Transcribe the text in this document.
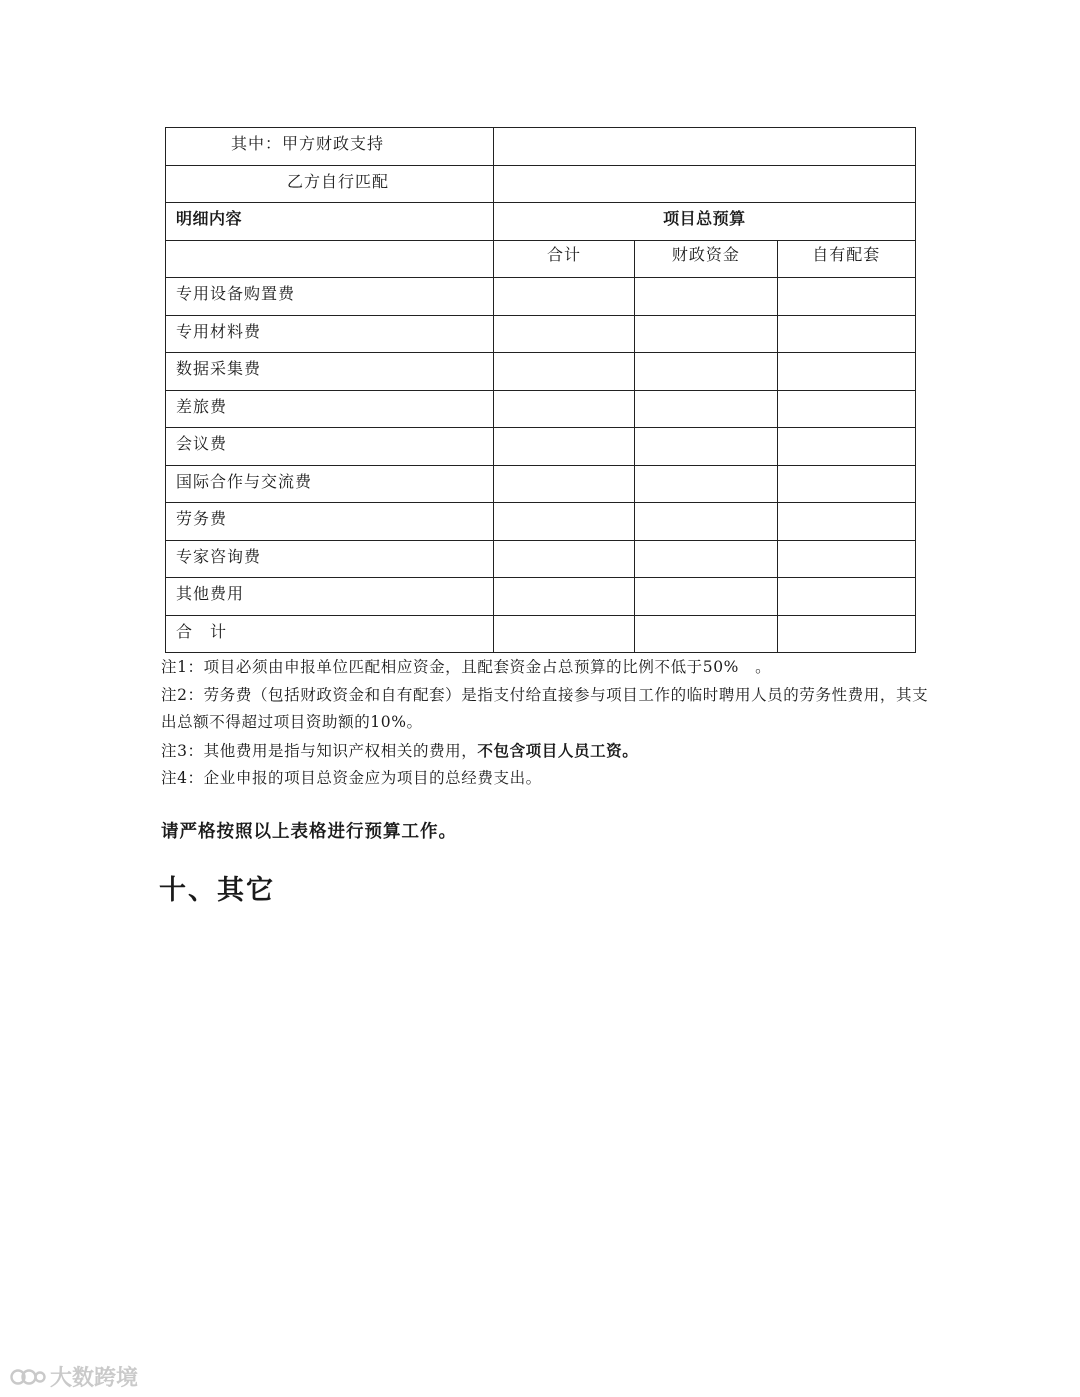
其中：甲方财政支持			

乙方自行匹配			

明细内容	项目总预算		

	合计	财政资金	自有配套

专用设备购置费			

专用材料费			

数据采集费			

差旅费			

会议费			

国际合作与交流费			

劳务费			

专家咨询费			

其他费用			

合　计			

注1：项目必须由申报单位匹配相应资金，且配套资金占总预算的比例不低于50%　。

注2：劳务费（包括财政资金和自有配套）是指支付给直接参与项目工作的临时聘用人员的劳务性费用，其支出总额不得超过项目资助额的10%。

注3：其他费用是指与知识产权相关的费用，不包含项目人员工资。

注4：企业申报的项目总资金应为项目的总经费支出。

请严格按照以上表格进行预算工作。
十、其它
大数跨境
